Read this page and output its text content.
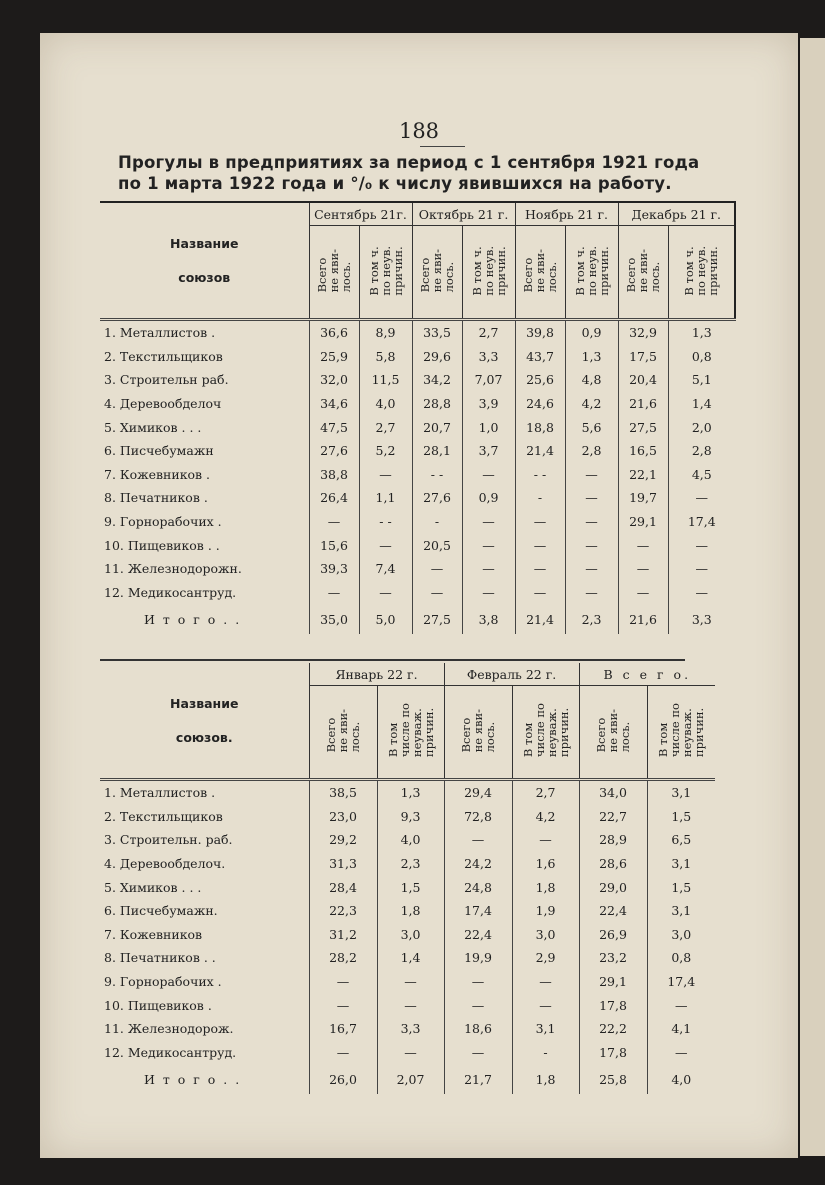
188
Прогулы в предприятиях за период с 1 сентября 1921 года
по 1 марта 1922 года и °/₀ к числу явившихся на работу.
Название
союзов	Сентябрь 21г.		Октябрь 21 г.		Ноябрь 21 г.		Декабрь 21 г.	
	Всего
не яви-
лось.	В том ч.
по неув.
причин.	Всего
не яви-
лось.	В том ч.
по неув.
причин.	Всего
не яви-
лось.	В том ч.
по неув.
причин.	Всего
не яви-
лось.	В том ч.
по неув.
причин.

1. Металлистов .	36,6	8,9	33,5	2,7	39,8	0,9	32,9	1,3
2. Текстильщиков	25,9	5,8	29,6	3,3	43,7	1,3	17,5	0,8
3. Строительн раб.	32,0	11,5	34,2	7,07	25,6	4,8	20,4	5,1
4. Деревообделоч	34,6	4,0	28,8	3,9	24,6	4,2	21,6	1,4
5. Химиков . . .	47,5	2,7	20,7	1,0	18,8	5,6	27,5	2,0
6. Писчебумажн	27,6	5,2	28,1	3,7	21,4	2,8	16,5	2,8
7. Кожевников .	38,8	—	- -	—	- -	—	22,1	4,5
8. Печатников .	26,4	1,1	27,6	0,9	-	—	19,7	—
9. Горнорабочих .	—	- -	-	—	—	—	29,1	17,4
10. Пищевиков . .	15,6	—	20,5	—	—	—	—	—
11. Железнодорожн.	39,3	7,4	—	—	—	—	—	—
12. Медикосантруд.	—	—	—	—	—	—	—	—
И т о г о . .	35,0	5,0	27,5	3,8	21,4	2,3	21,6	3,3
Название
союзов.	Январь 22 г.		Февраль 22 г.		В с е г о.	
	Всего
не яви-
лось.	В том
числе по
неуваж.
причин.	Всего
не яви-
лось.	В том
числе по
неуваж.
причин.	Всего
не яви-
лось.	В том
числе по
неуваж.
причин.

1. Металлистов .	38,5	1,3	29,4	2,7	34,0	3,1
2. Текстильщиков	23,0	9,3	72,8	4,2	22,7	1,5
3. Строительн. раб.	29,2	4,0	—	—	28,9	6,5
4. Деревообделоч.	31,3	2,3	24,2	1,6	28,6	3,1
5. Химиков . . .	28,4	1,5	24,8	1,8	29,0	1,5
6. Писчебумажн.	22,3	1,8	17,4	1,9	22,4	3,1
7. Кожевников	31,2	3,0	22,4	3,0	26,9	3,0
8. Печатников . .	28,2	1,4	19,9	2,9	23,2	0,8
9. Горнорабочих .	—	—	—	—	29,1	17,4
10. Пищевиков .	—	—	—	—	17,8	—
11. Железнодорож.	16,7	3,3	18,6	3,1	22,2	4,1
12. Медикосантруд.	—	—	—	-	17,8	—
И т о г о . .	26,0	2,07	21,7	1,8	25,8	4,0
